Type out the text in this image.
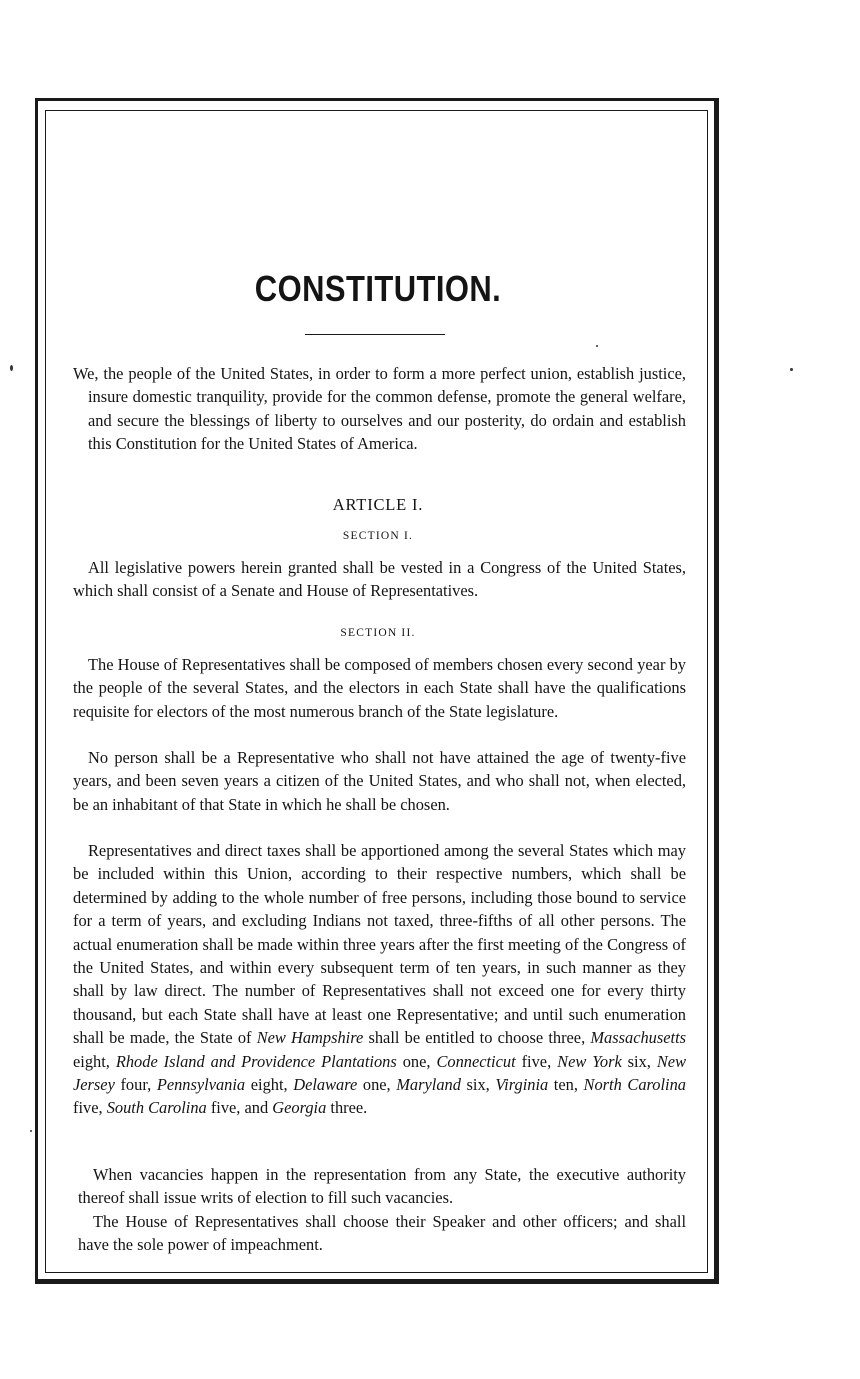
CONSTITUTION.

We, the people of the United States, in order to form a more perfect union, establish justice, insure domestic tranquility, provide for the common defense, promote the general welfare, and secure the blessings of liberty to ourselves and our posterity, do ordain and establish this Constitution for the United States of America.

ARTICLE I.

SECTION I.

All legislative powers herein granted shall be vested in a Congress of the United States, which shall consist of a Senate and House of Representatives.

SECTION II.

The House of Representatives shall be composed of members chosen every second year by the people of the several States, and the electors in each State shall have the qualifications requisite for electors of the most numerous branch of the State legislature.

No person shall be a Representative who shall not have attained the age of twenty-five years, and been seven years a citizen of the United States, and who shall not, when elected, be an inhabitant of that State in which he shall be chosen.

Representatives and direct taxes shall be apportioned among the several States which may be included within this Union, according to their respective numbers, which shall be determined by adding to the whole number of free persons, including those bound to service for a term of years, and excluding Indians not taxed, three-fifths of all other persons. The actual enumeration shall be made within three years after the first meeting of the Congress of the United States, and within every subsequent term of ten years, in such manner as they shall by law direct. The number of Representatives shall not exceed one for every thirty thousand, but each State shall have at least one Representative; and until such enumeration shall be made, the State of New Hampshire shall be entitled to choose three, Massachusetts eight, Rhode Island and Providence Plantations one, Connecticut five, New York six, New Jersey four, Pennsylvania eight, Delaware one, Maryland six, Virginia ten, North Carolina five, South Carolina five, and Georgia three.

When vacancies happen in the representation from any State, the executive authority thereof shall issue writs of election to fill such vacancies.

The House of Representatives shall choose their Speaker and other officers; and shall have the sole power of impeachment.
